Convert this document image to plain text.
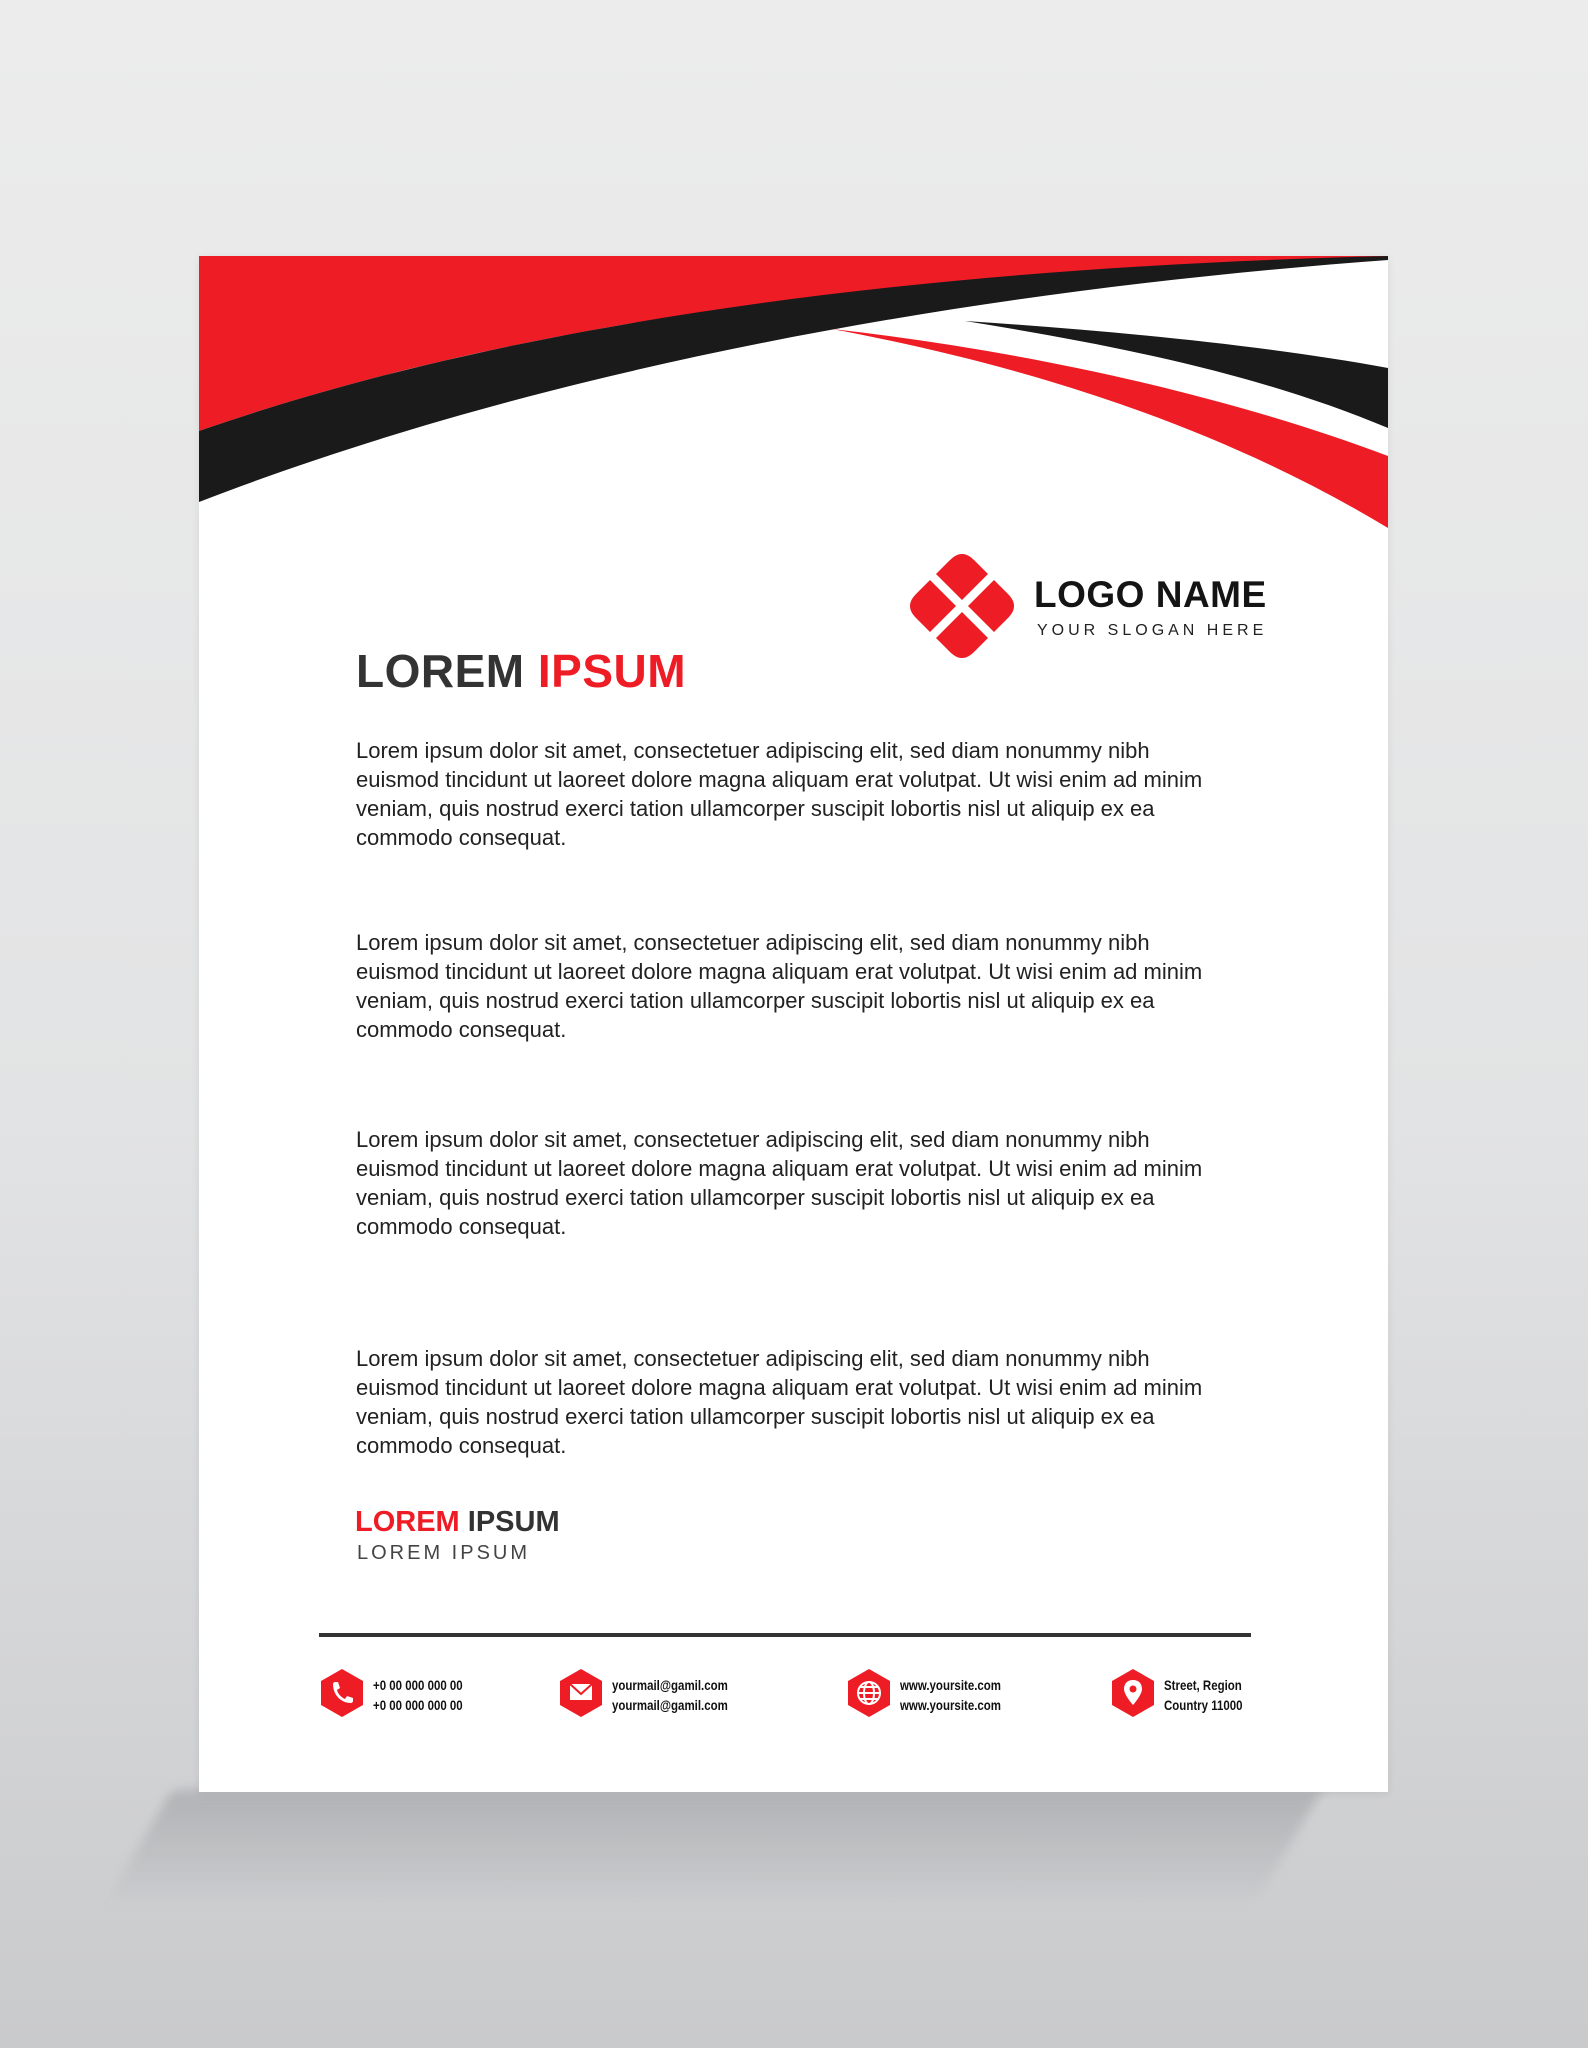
LOGO NAME
YOUR SLOGAN HERE
LOREM IPSUM

Lorem ipsum dolor sit amet, consectetuer adipiscing elit, sed diam nonummy nibh euismod tincidunt ut laoreet dolore magna aliquam erat volutpat. Ut wisi enim ad minim veniam, quis nostrud exerci tation ullamcorper suscipit lobortis nisl ut aliquip ex ea commodo consequat.

Lorem ipsum dolor sit amet, consectetuer adipiscing elit, sed diam nonummy nibh euismod tincidunt ut laoreet dolore magna aliquam erat volutpat. Ut wisi enim ad minim veniam, quis nostrud exerci tation ullamcorper suscipit lobortis nisl ut aliquip ex ea commodo consequat.

Lorem ipsum dolor sit amet, consectetuer adipiscing elit, sed diam nonummy nibh euismod tincidunt ut laoreet dolore magna aliquam erat volutpat. Ut wisi enim ad minim veniam, quis nostrud exerci tation ullamcorper suscipit lobortis nisl ut aliquip ex ea commodo consequat.

Lorem ipsum dolor sit amet, consectetuer adipiscing elit, sed diam nonummy nibh euismod tincidunt ut laoreet dolore magna aliquam erat volutpat. Ut wisi enim ad minim veniam, quis nostrud exerci tation ullamcorper suscipit lobortis nisl ut aliquip ex ea commodo consequat.

LOREM IPSUM
LOREM IPSUM
+0 00 000 000 00
+0 00 000 000 00
yourmail@gamil.com
yourmail@gamil.com
www.yoursite.com
www.yoursite.com
Street, Region
Country 11000
